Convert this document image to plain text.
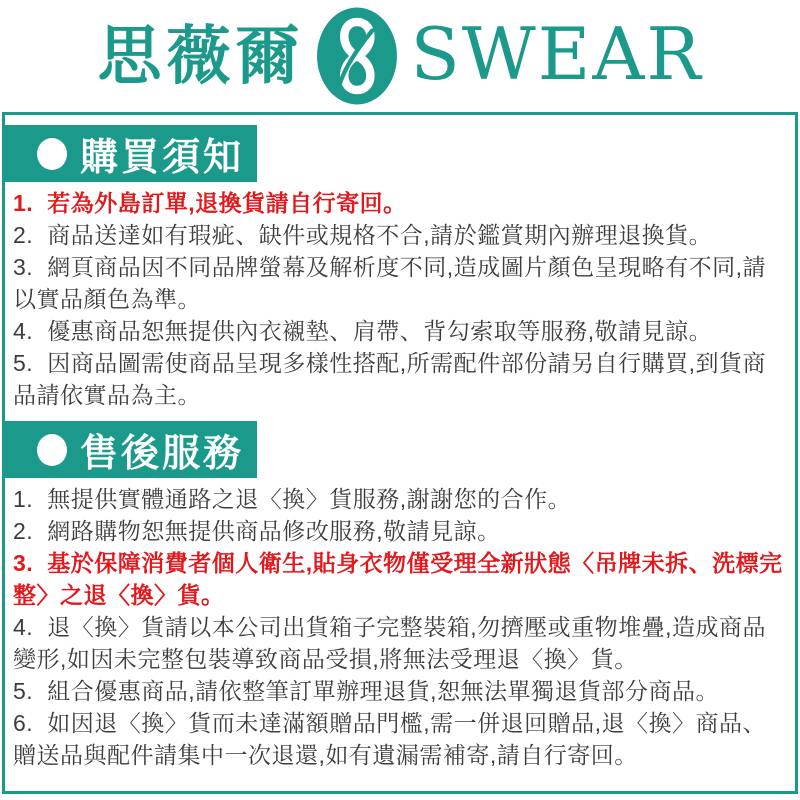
思薇爾 SWEAR
購買須知

1. 若為外島訂單,退換貨請自行寄回。

2. 商品送達如有瑕疵、缺件或規格不合,請於鑑賞期內辦理退換貨。

3. 網頁商品因不同品牌螢幕及解析度不同,造成圖片顏色呈現略有不同,請以實品顏色為準。

4. 優惠商品恕無提供內衣襯墊、肩帶、背勾索取等服務,敬請見諒。

5. 因商品圖需使商品呈現多樣性搭配,所需配件部份請另自行購買,到貨商品請依實品為主。

售後服務

1. 無提供實體通路之退〈換〉貨服務,謝謝您的合作。

2. 網路購物恕無提供商品修改服務,敬請見諒。

3. 基於保障消費者個人衛生,貼身衣物僅受理全新狀態〈吊牌未拆、洗標完整〉之退〈換〉貨。

4. 退〈換〉貨請以本公司出貨箱子完整裝箱,勿擠壓或重物堆疊,造成商品變形,如因未完整包裝導致商品受損,將無法受理退〈換〉貨。

5. 組合優惠商品,請依整筆訂單辦理退貨,恕無法單獨退貨部分商品。

6. 如因退〈換〉貨而未達滿額贈品門檻,需一併退回贈品,退〈換〉商品、贈送品與配件請集中一次退還,如有遺漏需補寄,請自行寄回。
